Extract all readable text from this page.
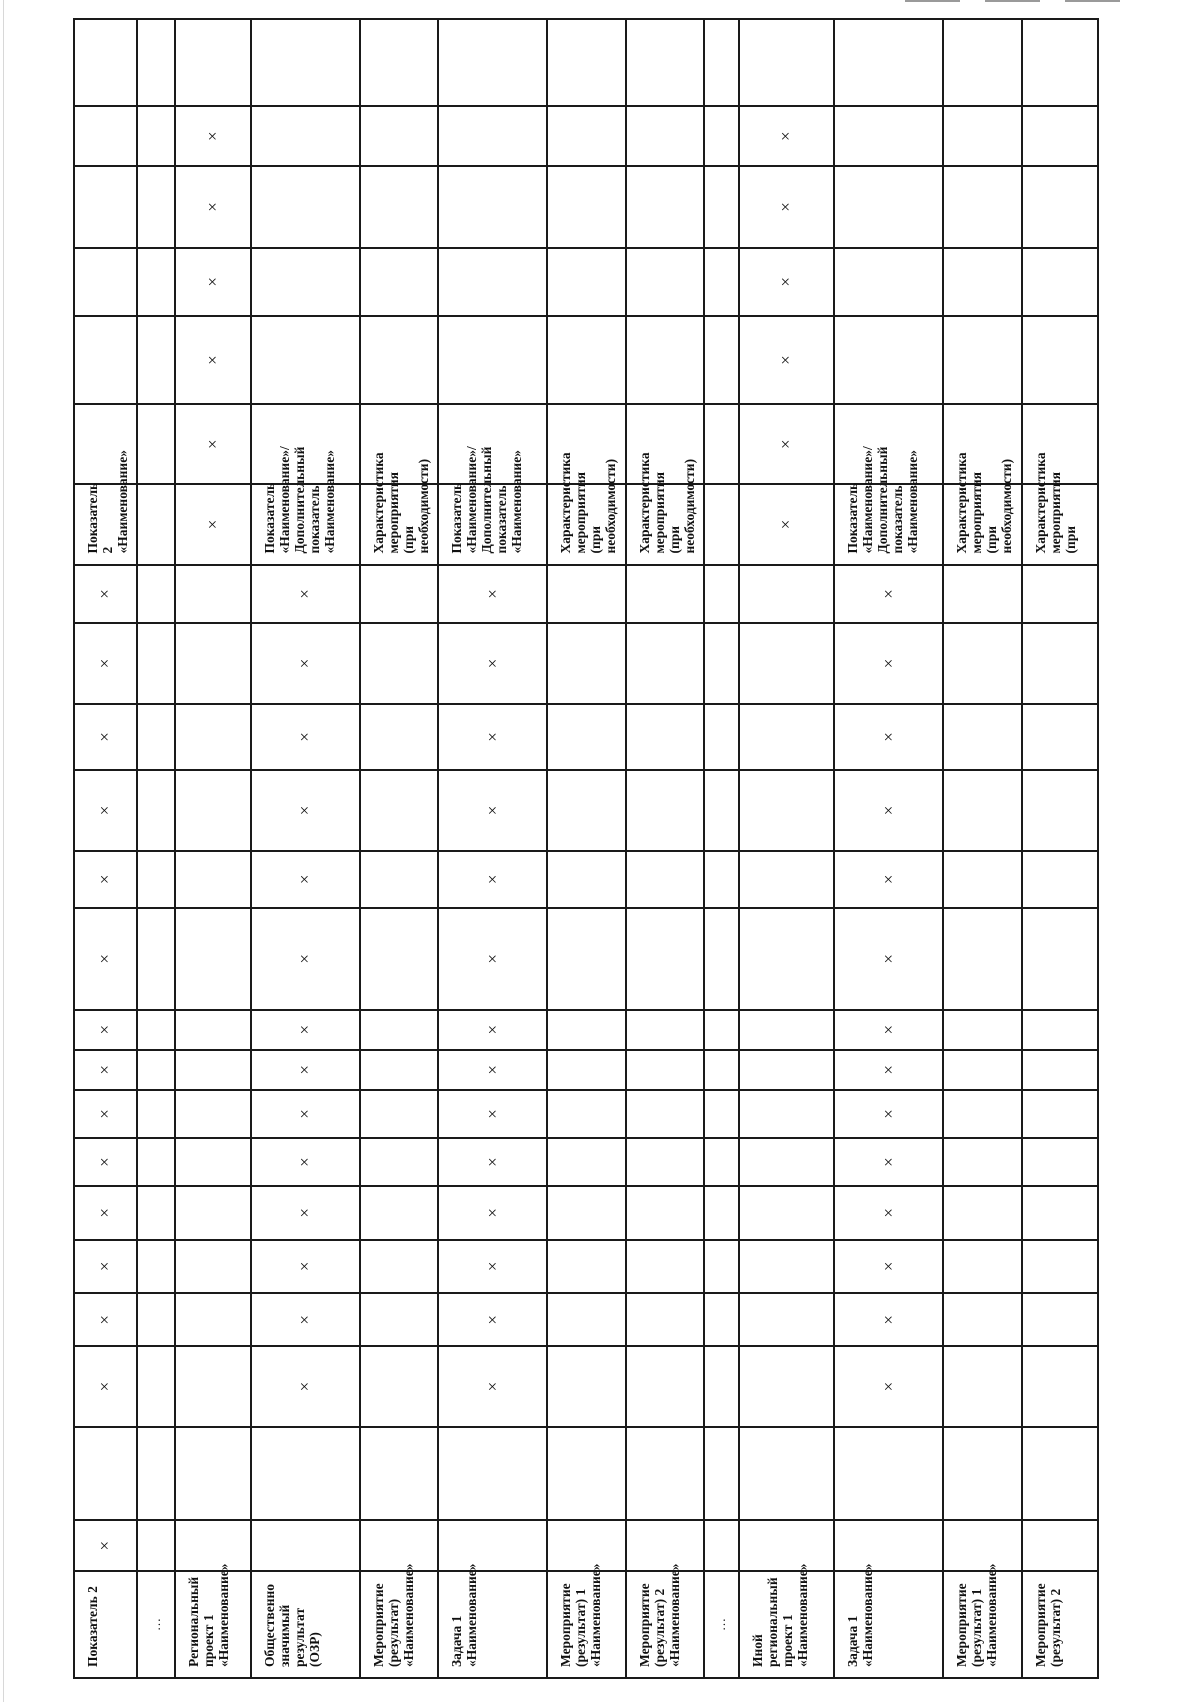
Показатель 2	×		×	×	×	×	×	×	×	×	×	×	×	×	×	×	Показатель 2 «Наименование»						

…																							

Региональный проект 1 «Наименование»																	×	×	×	×	×	×	

Общественно значимый результат (ОЗР)			×	×	×	×	×	×	×	×	×	×	×	×	×	×	Показатель «Наименование»/ Дополнительный показатель «Наименование»						

Мероприятие (результат) «Наименование»																	Характеристика мероприятия (при необходимости)						

Задача 1 «Наименование»			×	×	×	×	×	×	×	×	×	×	×	×	×	×	Показатель «Наименование»/ Дополнительный показатель «Наименование»						

Мероприятие (результат) 1 «Наименование»																	Характеристика мероприятия (при необходимости)						

Мероприятие (результат) 2 «Наименование»																	Характеристика мероприятия (при необходимости)						

…																							

Иной региональный проект 1 «Наименование»																	×	×	×	×	×	×	

Задача 1 «Наименование»			×	×	×	×	×	×	×	×	×	×	×	×	×	×	Показатель «Наименование»/ Дополнительный показатель «Наименование»						

Мероприятие (результат) 1 «Наименование»																	Характеристика мероприятия (при необходимости)						

Мероприятие (результат) 2																	Характеристика мероприятия (при						
